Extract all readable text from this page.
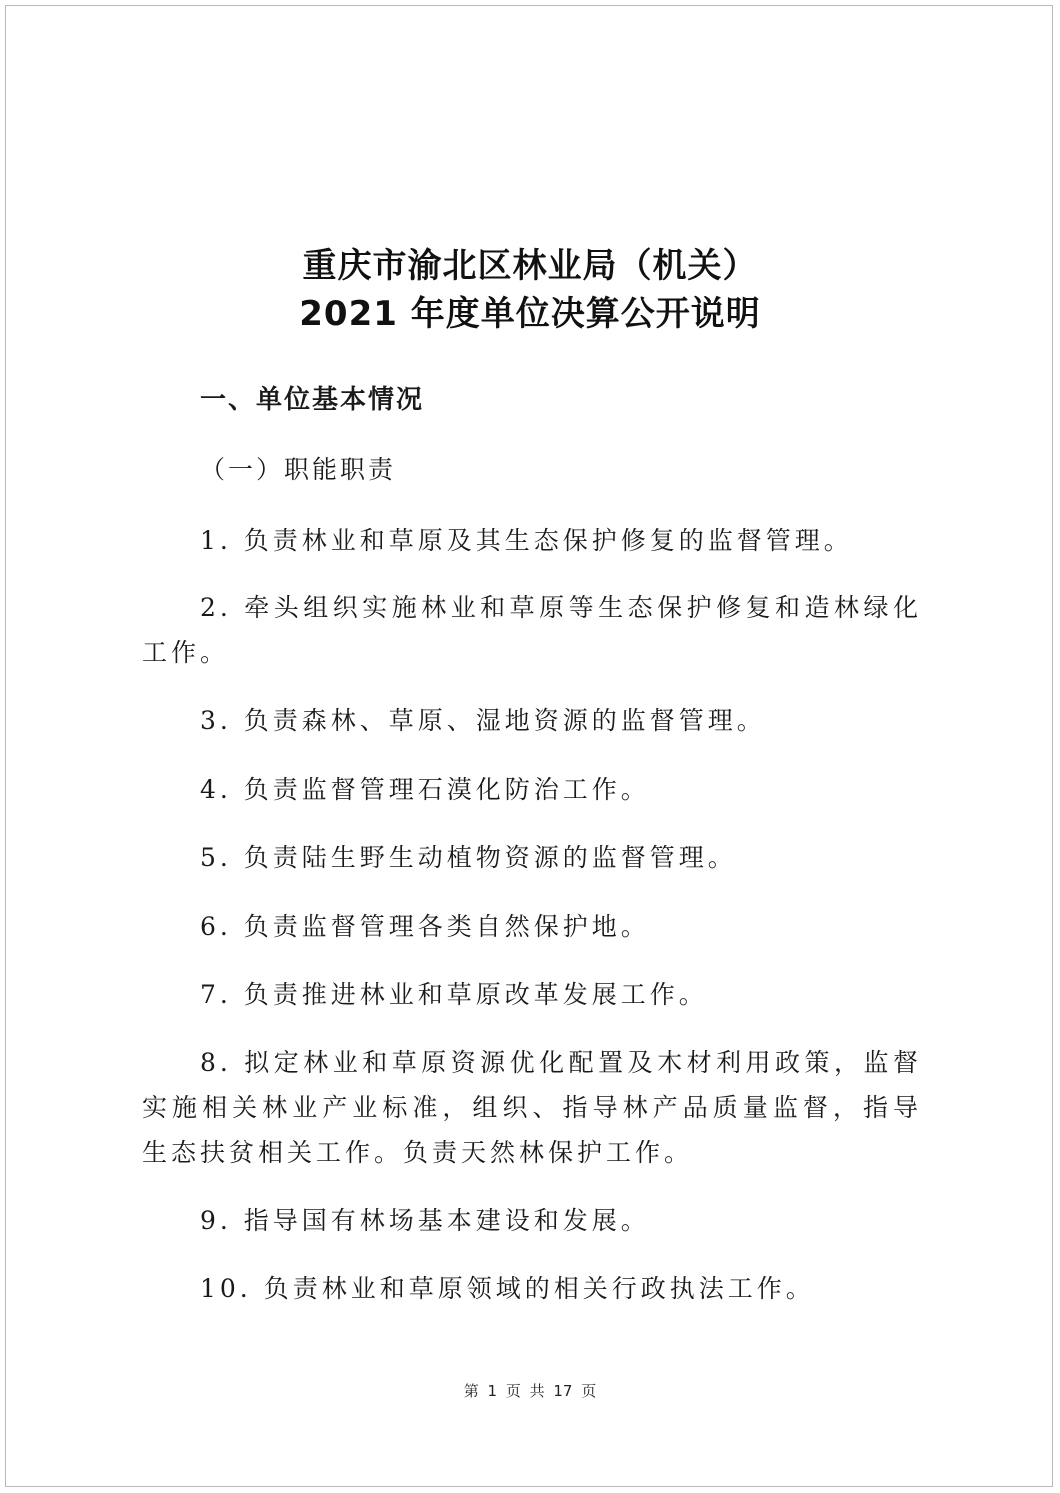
重庆市渝北区林业局（机关）
2021 年度单位决算公开说明
一、单位基本情况
（一）职能职责
1. 负责林业和草原及其生态保护修复的监督管理。
2. 牵头组织实施林业和草原等生态保护修复和造林绿化工作。
3. 负责森林、草原、湿地资源的监督管理。
4. 负责监督管理石漠化防治工作。
5. 负责陆生野生动植物资源的监督管理。
6. 负责监督管理各类自然保护地。
7. 负责推进林业和草原改革发展工作。
8. 拟定林业和草原资源优化配置及木材利用政策，监督实施相关林业产业标准，组织、指导林产品质量监督，指导生态扶贫相关工作。负责天然林保护工作。
9. 指导国有林场基本建设和发展。
10. 负责林业和草原领域的相关行政执法工作。
第 1 页 共 17 页
